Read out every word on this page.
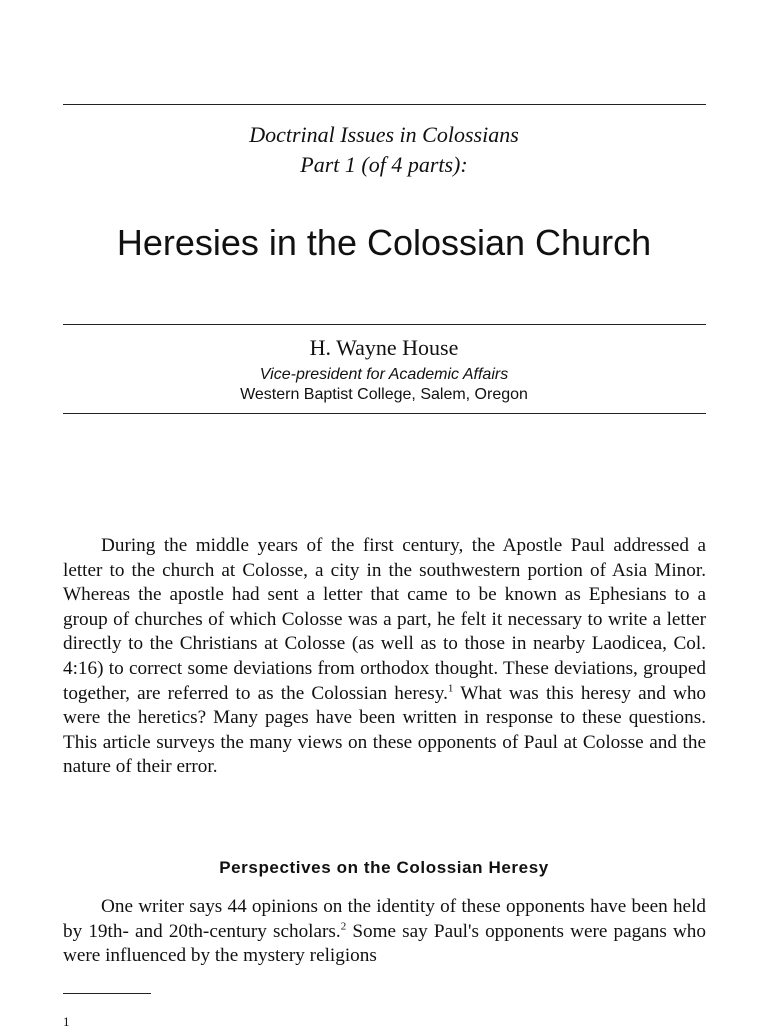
Doctrinal Issues in Colossians
Part 1 (of 4 parts):
Heresies in the Colossian Church
H. Wayne House
Vice-president for Academic Affairs
Western Baptist College, Salem, Oregon

During the middle years of the first century, the Apostle Paul addressed a letter to the church at Colosse, a city in the southwestern portion of Asia Minor. Whereas the apostle had sent a letter that came to be known as Ephesians to a group of churches of which Colosse was a part, he felt it necessary to write a letter directly to the Christians at Colosse (as well as to those in nearby Laodicea, Col. 4:16) to correct some deviations from orthodox thought. These deviations, grouped together, are referred to as the Colossian heresy.$^1$ What was this heresy and who were the heretics? Many pages have been written in response to these questions. This article surveys the many views on these opponents of Paul at Colosse and the nature of their error.

Perspectives on the Colossian Heresy

One writer says 44 opinions on the identity of these opponents have been held by 19th- and 20th-century scholars.$^2$ Some say Paul's opponents were pagans who were influenced by the mystery religions

1
